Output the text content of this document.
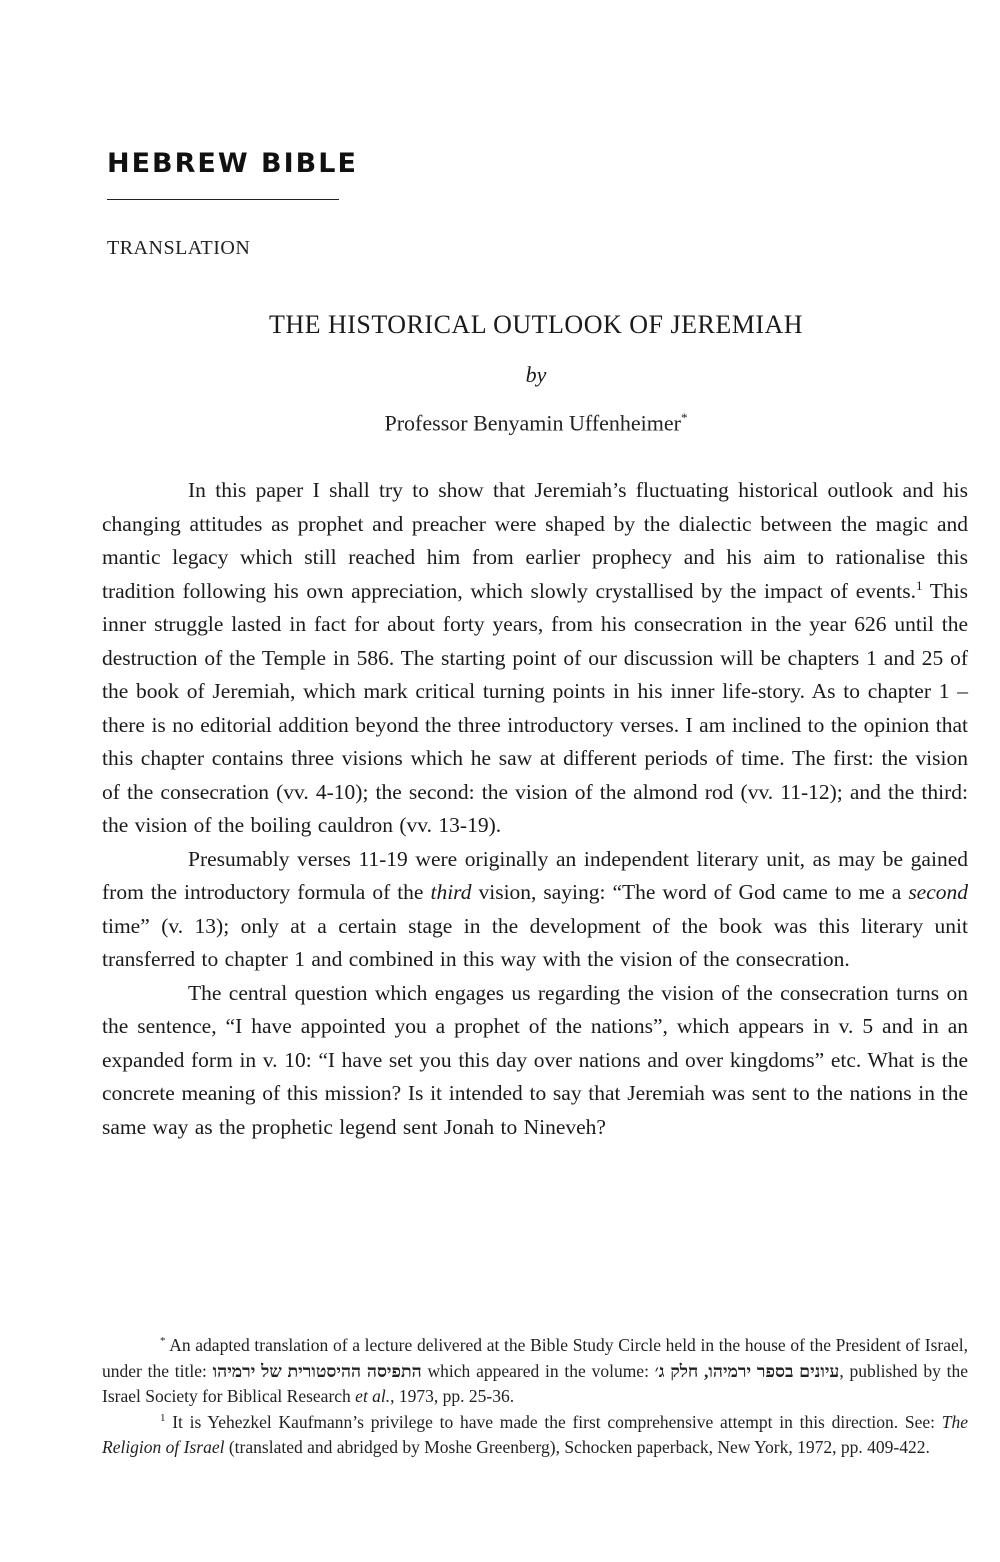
HEBREW BIBLE
TRANSLATION
THE HISTORICAL OUTLOOK OF JEREMIAH
by
Professor Benyamin Uffenheimer*

In this paper I shall try to show that Jeremiah’s fluctuating historical outlook and his changing attitudes as prophet and preacher were shaped by the dialectic between the magic and mantic legacy which still reached him from earlier prophecy and his aim to rationalise this tradition following his own appreciation, which slowly crystallised by the impact of events.$^1$ This inner struggle lasted in fact for about forty years, from his consecration in the year 626 until the destruction of the Temple in 586. The starting point of our discussion will be chapters 1 and 25 of the book of Jeremiah, which mark critical turning points in his inner life-story. As to chapter 1 – there is no editorial addition beyond the three introductory verses. I am inclined to the opinion that this chapter contains three visions which he saw at different periods of time. The first: the vision of the consecration (vv. 4-10); the second: the vision of the almond rod (vv. 11-12); and the third: the vision of the boiling cauldron (vv. 13-19).

Presumably verses 11-19 were originally an independent literary unit, as may be gained from the introductory formula of the third vision, saying: “The word of God came to me a second time” (v. 13); only at a certain stage in the development of the book was this literary unit transferred to chapter 1 and combined in this way with the vision of the consecration.

The central question which engages us regarding the vision of the consecration turns on the sentence, “I have appointed you a prophet of the nations”, which appears in v. 5 and in an expanded form in v. 10: “I have set you this day over nations and over kingdoms” etc. What is the concrete meaning of this mission? Is it intended to say that Jeremiah was sent to the nations in the same way as the prophetic legend sent Jonah to Nineveh?

* An adapted translation of a lecture delivered at the Bible Study Circle held in the house of the President of Israel, under the title: התפיסה ההיסטורית של ירמיהו which appeared in the volume: עיונים בספר ירמיהו, חלק ג׳, published by the Israel Society for Biblical Research et al., 1973, pp. 25-36.

$^1$ It is Yehezkel Kaufmann’s privilege to have made the first comprehensive attempt in this direction. See: The Religion of Israel (translated and abridged by Moshe Greenberg), Schocken paperback, New York, 1972, pp. 409-422.
